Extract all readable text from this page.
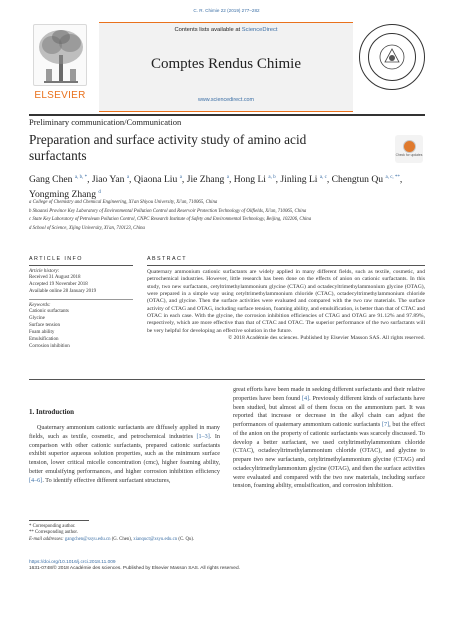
C. R. Chimie 22 (2019) 277–282
ELSEVIER
Contents lists available at ScienceDirect
Comptes Rendus Chimie
www.sciencedirect.com
Preliminary communication/Communication
Preparation and surface activity study of amino acid surfactants	Check for updates
Gang Chen $^{a, b, *}$, Jiao Yan $^a$, Qiaona Liu $^a$, Jie Zhang $^a$, Hong Li $^{a, b}$, Jinling Li $^{a, c}$, Chengtun Qu $^{a, c, **}$, Yongming Zhang $^d$
a College of Chemistry and Chemical Engineering, Xi'an Shiyou University, Xi'an, 710065, China
b Shaanxi Province Key Laboratory of Environmental Pollution Control and Reservoir Protection Technology of Oilfields, Xi'an, 710065, China
c State Key Laboratory of Petroleum Pollution Control, CNPC Research Institute of Safety and Environmental Technology, Beijing, 102206, China
d School of Science, Xijing University, Xi'an, 710123, China
ARTICLE INFO
Article history:
Received 31 August 2018
Accepted 19 November 2018
Available online 28 January 2019
Keywords:
Cationic surfactants
Glycine
Surface tension
Foam ability
Emulsification
Corrosion inhibition
ABSTRACT
Quaternary ammonium cationic surfactants are widely applied in many different fields, such as textile, cosmetic, and petrochemical industries. However, little research has been done on the effects of anion on cationic surfactants. In this study, two new surfactants, cetyltrimethylammonium glycine (CTAG) and octadecyltrimethylammonium glycine (OTAG), were prepared in a simple way using cetyltrimethylammonium chloride (CTAC), octadecyltrimethylammonium chloride (OTAC), and glycine. Then the surface activities were evaluated and compared with the two raw materials. The surface activity of CTAG and OTAG, including surface tension, foaming ability, and emulsification, is better than that of CTAC and OTAC in each case. With the glycine, the corrosion inhibition efficiencies of CTAG and OTAG are 91.12% and 97.89%, respectively, which are more effective than that of CTAC and OTAC. The superior performance of the two surfactants will be very helpful for developing an effective solution in the future.
© 2018 Académie des sciences. Published by Elsevier Masson SAS. All rights reserved.
1. Introduction
Quaternary ammonium cationic surfactants are diffusely applied in many fields, such as textile, cosmetic, and petrochemical industries [1–3]. In comparison with other cationic surfactants, prepared cationic surfactants exhibit superior aqueous solution properties, such as the minimum surface tension, lower critical micelle concentration (cmc), higher foaming ability, better emulsifying performances, and higher corrosion inhibition efficiency [4–6]. To identify effective different surfactant structures,
great efforts have been made in seeking different surfactants and their relative properties have been found [4]. Previously different kinds of surfactants have been studied, but almost all of them focus on the ammonium part. It was reported that increase or decrease in the alkyl chain can adjust the performances of quaternary ammonium cationic surfactants [7], but the effect of the anion on the property of cationic surfactants was scarcely discussed. To develop a better surfactant, we used cetyltrimethylammonium chloride (CTAC), octadecyltrimethylammonium chloride (OTAC), and glycine to prepare two new surfactants, cetyltrimethylammonium glycine (CTAG) and octadecyltrimethylammonium glycine (OTAG), and then the surface activities were evaluated and compared with the two raw materials, including surface tension, foaming ability, emulsification, and corrosion inhibition.
* Corresponding author.
** Corresponding author.
E-mail addresses: gangchen@xsyu.edu.cn (G. Chen), xianquct@xsyu.edu.cn (C. Qu).
https://doi.org/10.1016/j.crci.2018.11.009
1631-0748/© 2018 Académie des sciences. Published by Elsevier Masson SAS. All rights reserved.
